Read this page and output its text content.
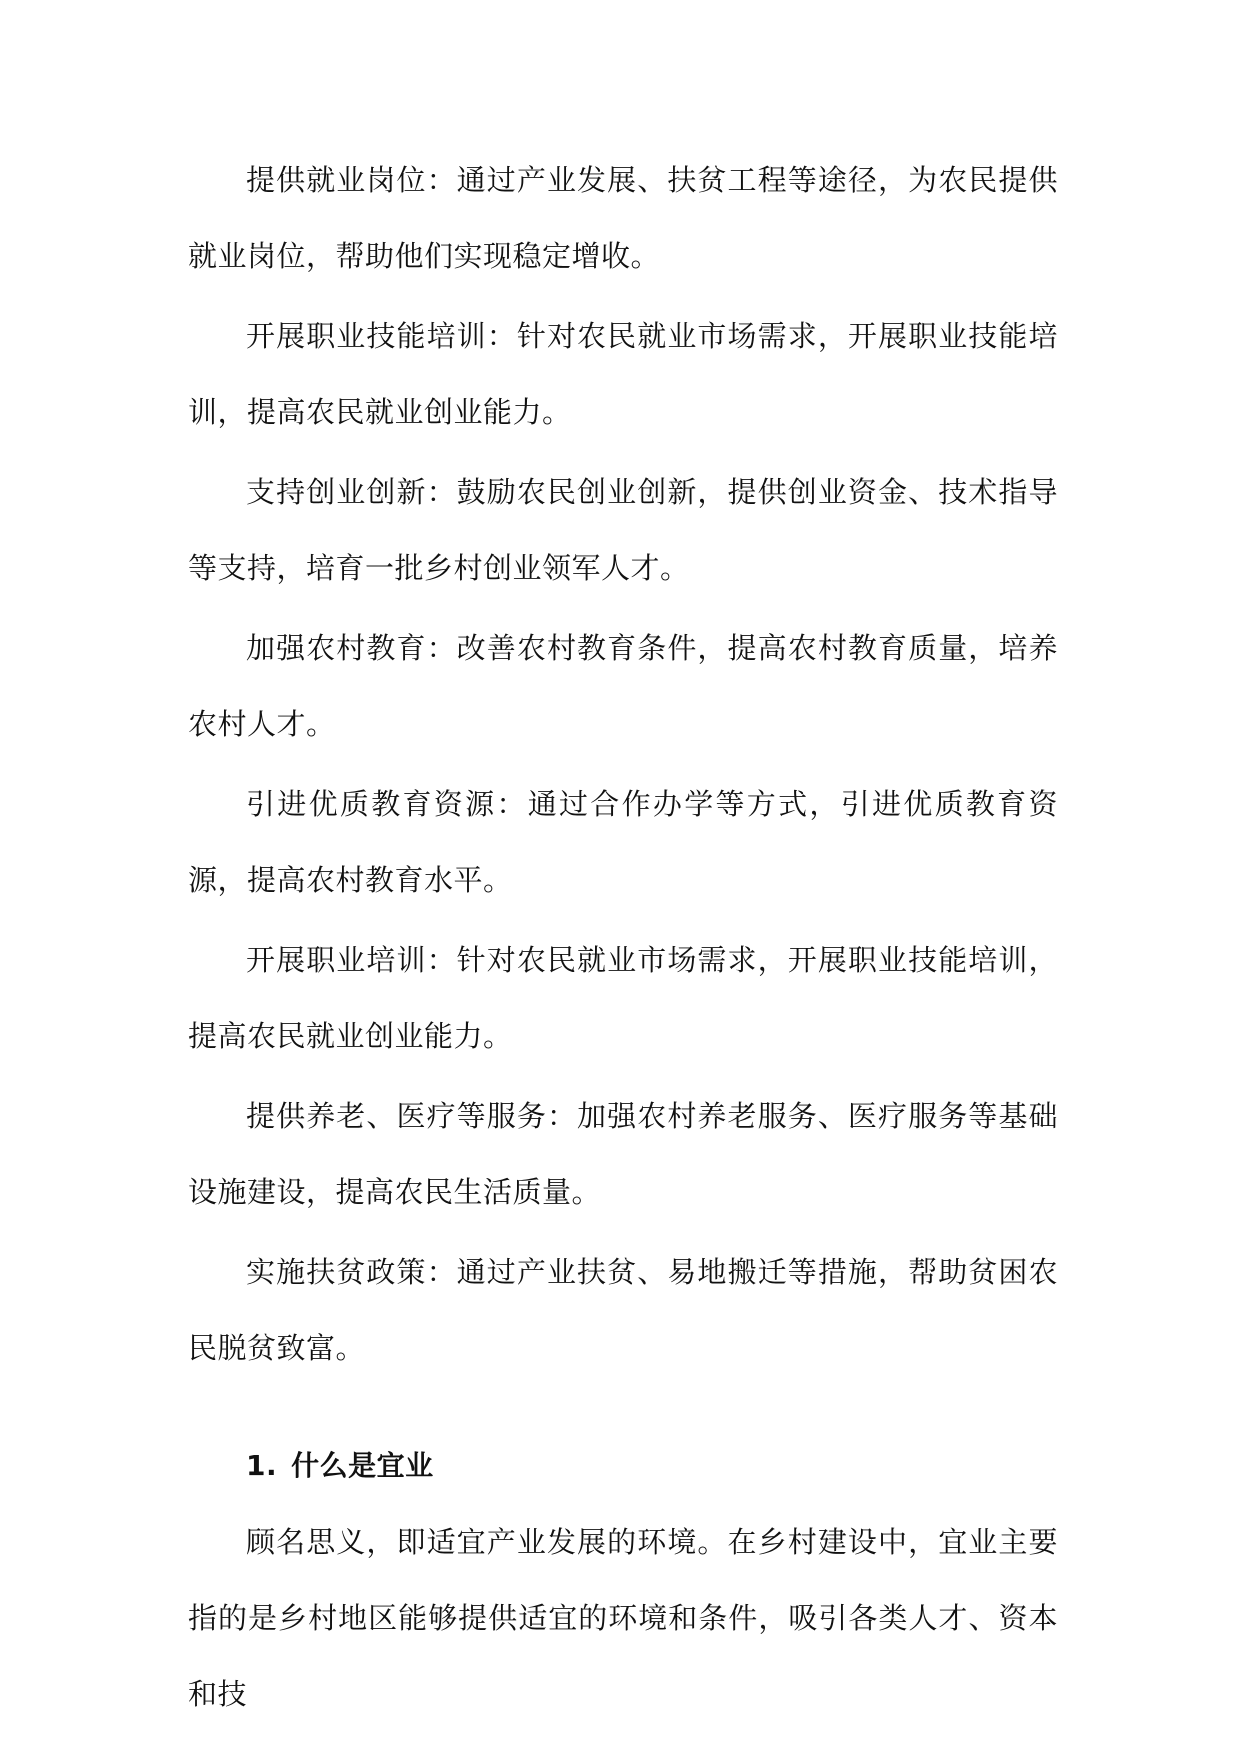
提供就业岗位：通过产业发展、扶贫工程等途径，为农民提供就业岗位，帮助他们实现稳定增收。

开展职业技能培训：针对农民就业市场需求，开展职业技能培训，提高农民就业创业能力。

支持创业创新：鼓励农民创业创新，提供创业资金、技术指导等支持，培育一批乡村创业领军人才。

加强农村教育：改善农村教育条件，提高农村教育质量，培养农村人才。

引进优质教育资源：通过合作办学等方式，引进优质教育资源，提高农村教育水平。

开展职业培训：针对农民就业市场需求，开展职业技能培训，提高农民就业创业能力。

提供养老、医疗等服务：加强农村养老服务、医疗服务等基础设施建设，提高农民生活质量。

实施扶贫政策：通过产业扶贫、易地搬迁等措施，帮助贫困农民脱贫致富。

1. 什么是宜业

顾名思义，即适宜产业发展的环境。在乡村建设中，宜业主要指的是乡村地区能够提供适宜的环境和条件，吸引各类人才、资本和技
